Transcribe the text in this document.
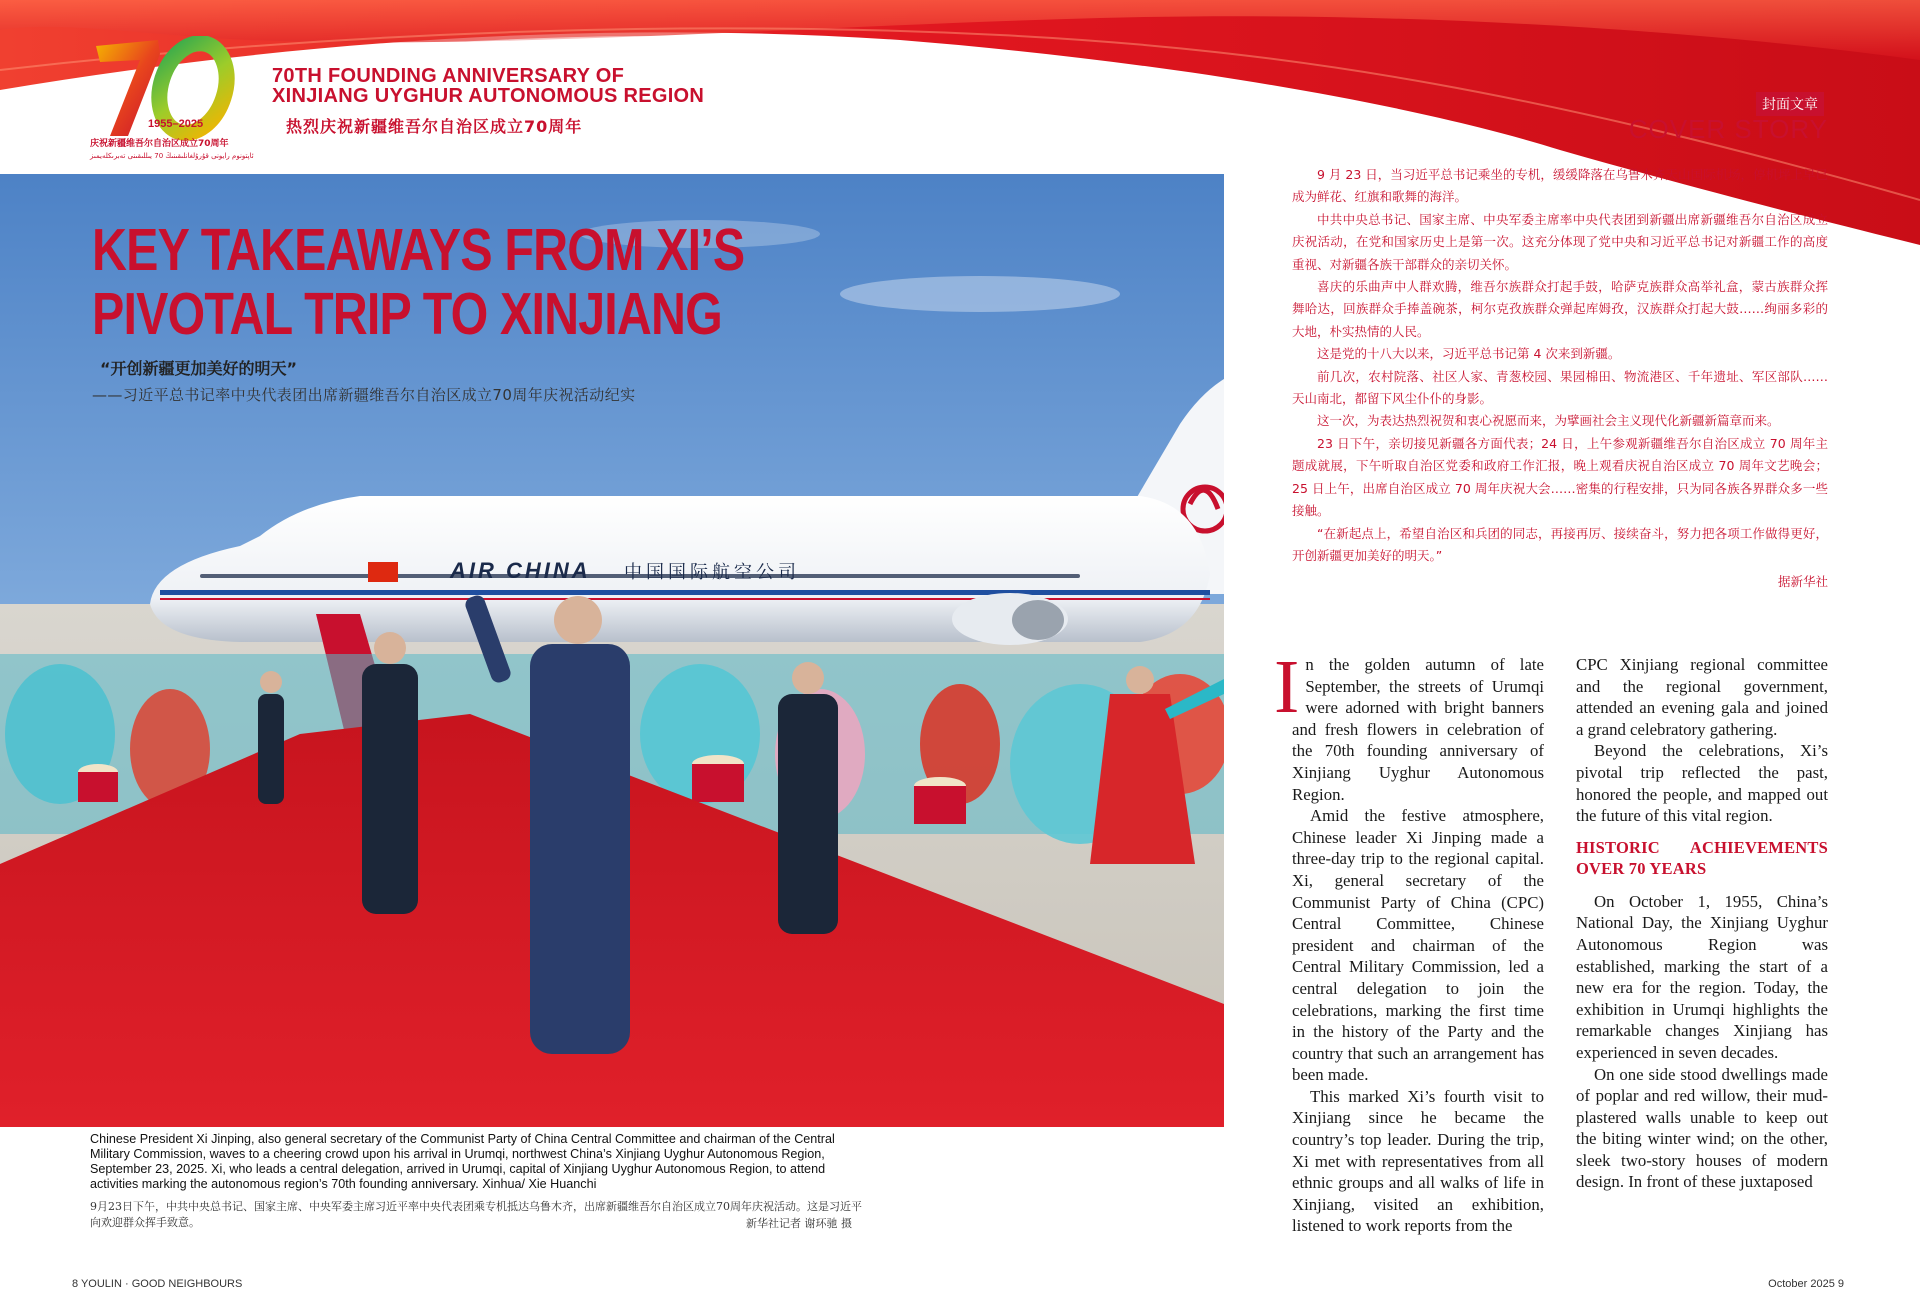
1955–2025
庆祝新疆维吾尔自治区成立70周年
ئاپتونوم رايونى قۇرۇلغانلىقىنىڭ 70 يىللىقىنى تەبرىكلەيمىز
70TH FOUNDING ANNIVERSARY OF
XINJIANG UYGHUR AUTONOMOUS REGION
热烈庆祝新疆维吾尔自治区成立70周年
封面文章
COVER STORY
AIR CHINA 中国国际航空公司
KEY TAKEAWAYS FROM XI’S PIVOTAL TRIP TO XINJIANG
“开创新疆更加美好的明天”
——习近平总书记率中央代表团出席新疆维吾尔自治区成立70周年庆祝活动纪实
Chinese President Xi Jinping, also general secretary of the Communist Party of China Central Committee and chairman of the Central Military Commission, waves to a cheering crowd upon his arrival in Urumqi, northwest China’s Xinjiang Uyghur Autonomous Region, September 23, 2025. Xi, who leads a central delegation, arrived in Urumqi, capital of Xinjiang Uyghur Autonomous Region, to attend activities marking the autonomous region’s 70th founding anniversary. Xinhua/ Xie Huanchi
9月23日下午，中共中央总书记、国家主席、中央军委主席习近平率中央代表团乘专机抵达乌鲁木齐，出席新疆维吾尔自治区成立70周年庆祝活动。这是习近平向欢迎群众挥手致意。	新华社记者 谢环驰 摄

9 月 23 日，当习近平总书记乘坐的专机，缓缓降落在乌鲁木齐天山国际机场，停机坪上早已成为鲜花、红旗和歌舞的海洋。

中共中央总书记、国家主席、中央军委主席率中央代表团到新疆出席新疆维吾尔自治区成立庆祝活动，在党和国家历史上是第一次。这充分体现了党中央和习近平总书记对新疆工作的高度重视、对新疆各族干部群众的亲切关怀。

喜庆的乐曲声中人群欢腾，维吾尔族群众打起手鼓，哈萨克族群众高举礼盒，蒙古族群众挥舞哈达，回族群众手捧盖碗茶，柯尔克孜族群众弹起库姆孜，汉族群众打起大鼓……绚丽多彩的大地，朴实热情的人民。

这是党的十八大以来，习近平总书记第 4 次来到新疆。

前几次，农村院落、社区人家、青葱校园、果园棉田、物流港区、千年遗址、军区部队……天山南北，都留下风尘仆仆的身影。

这一次，为表达热烈祝贺和衷心祝愿而来，为擘画社会主义现代化新疆新篇章而来。

23 日下午，亲切接见新疆各方面代表；24 日，上午参观新疆维吾尔自治区成立 70 周年主题成就展，下午听取自治区党委和政府工作汇报，晚上观看庆祝自治区成立 70 周年文艺晚会；25 日上午，出席自治区成立 70 周年庆祝大会……密集的行程安排，只为同各族各界群众多一些接触。

“在新起点上，希望自治区和兵团的同志，再接再厉、接续奋斗，努力把各项工作做得更好，开创新疆更加美好的明天。”

据新华社

In the golden autumn of late September, the streets of Urumqi were adorned with bright banners and fresh flowers in celebration of the 70th founding anniversary of Xinjiang Uyghur Autonomous Region.

Amid the festive atmosphere, Chinese leader Xi Jinping made a three-day trip to the regional capital. Xi, general secretary of the Communist Party of China (CPC) Central Committee, Chinese president and chairman of the Central Military Commission, led a central delegation to join the celebrations, marking the first time in the history of the Party and the country that such an arrangement has been made.

This marked Xi’s fourth visit to Xinjiang since he became the country’s top leader. During the trip, Xi met with representatives from all ethnic groups and all walks of life in Xinjiang, visited an exhibition, listened to work reports from the

CPC Xinjiang regional committee and the regional government, attended an evening gala and joined a grand celebratory gathering.

Beyond the celebrations, Xi’s pivotal trip reflected the past, honored the people, and mapped out the future of this vital region.

HISTORIC ACHIEVEMENTS OVER 70 YEARS

On October 1, 1955, China’s National Day, the Xinjiang Uyghur Autonomous Region was established, marking the start of a new era for the region. Today, the exhibition in Urumqi highlights the remarkable changes Xinjiang has experienced in seven decades.

On one side stood dwellings made of poplar and red willow, their mud-plastered walls unable to keep out the biting winter wind; on the other, sleek two-story houses of modern design. In front of these juxtaposed

8 YOULIN · GOOD NEIGHBOURS	October 2025 9
